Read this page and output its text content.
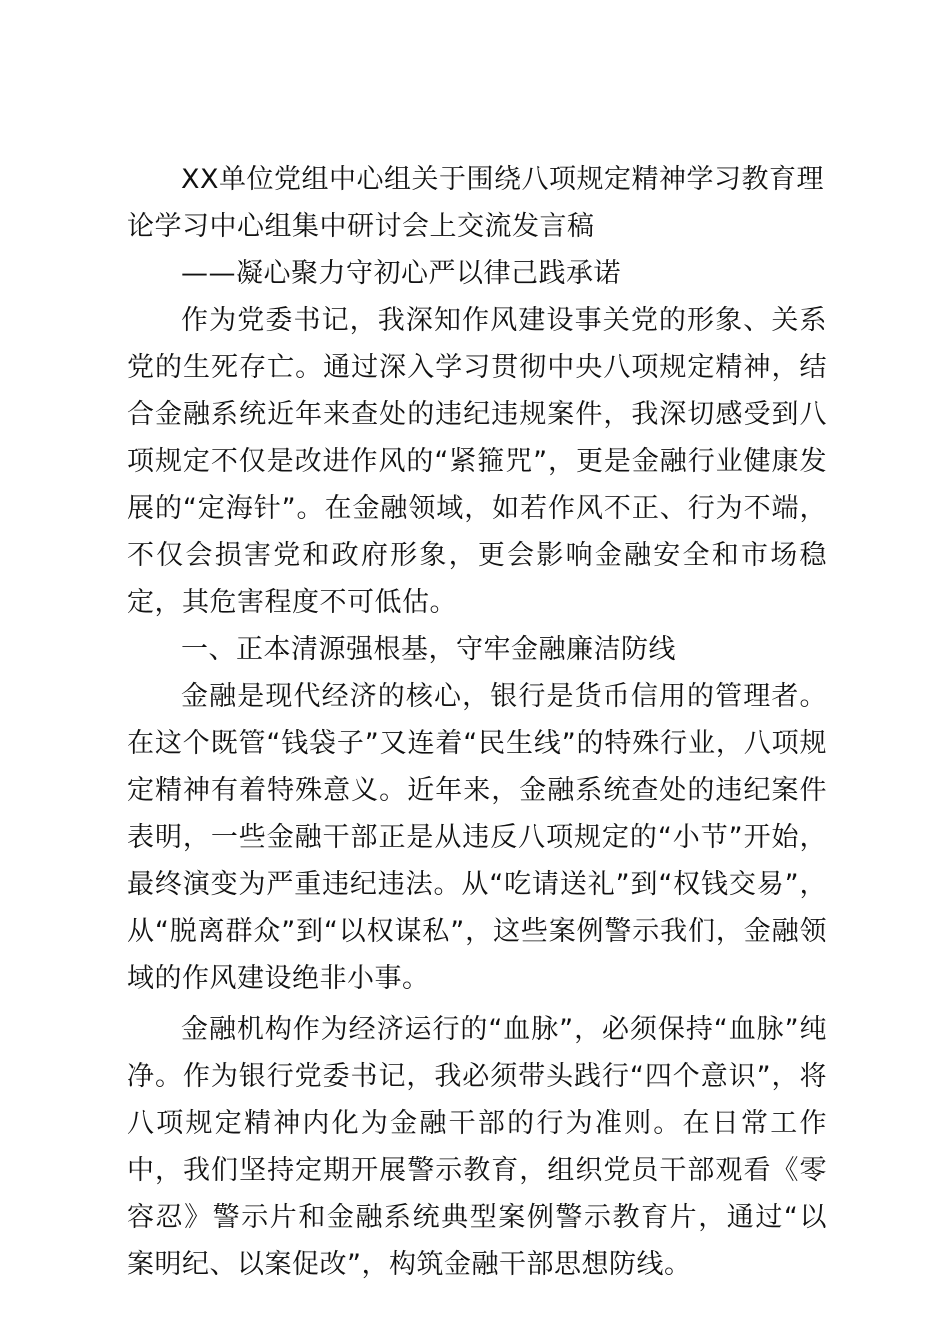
XX单位党组中心组关于围绕八项规定精神学习教育理论学习中心组集中研讨会上交流发言稿

——凝心聚力守初心严以律己践承诺

作为党委书记，我深知作风建设事关党的形象、关系党的生死存亡。通过深入学习贯彻中央八项规定精神，结合金融系统近年来查处的违纪违规案件，我深切感受到八项规定不仅是改进作风的“紧箍咒”，更是金融行业健康发展的“定海针”。在金融领域，如若作风不正、行为不端，不仅会损害党和政府形象，更会影响金融安全和市场稳定，其危害程度不可低估。

一、正本清源强根基，守牢金融廉洁防线

金融是现代经济的核心，银行是货币信用的管理者。在这个既管“钱袋子”又连着“民生线”的特殊行业，八项规定精神有着特殊意义。近年来，金融系统查处的违纪案件表明，一些金融干部正是从违反八项规定的“小节”开始，最终演变为严重违纪违法。从“吃请送礼”到“权钱交易”，从“脱离群众”到“以权谋私”，这些案例警示我们，金融领域的作风建设绝非小事。

金融机构作为经济运行的“血脉”，必须保持“血脉”纯净。作为银行党委书记，我必须带头践行“四个意识”，将八项规定精神内化为金融干部的行为准则。在日常工作中，我们坚持定期开展警示教育，组织党员干部观看《零容忍》警示片和金融系统典型案例警示教育片，通过“以案明纪、以案促改”，构筑金融干部思想防线。
